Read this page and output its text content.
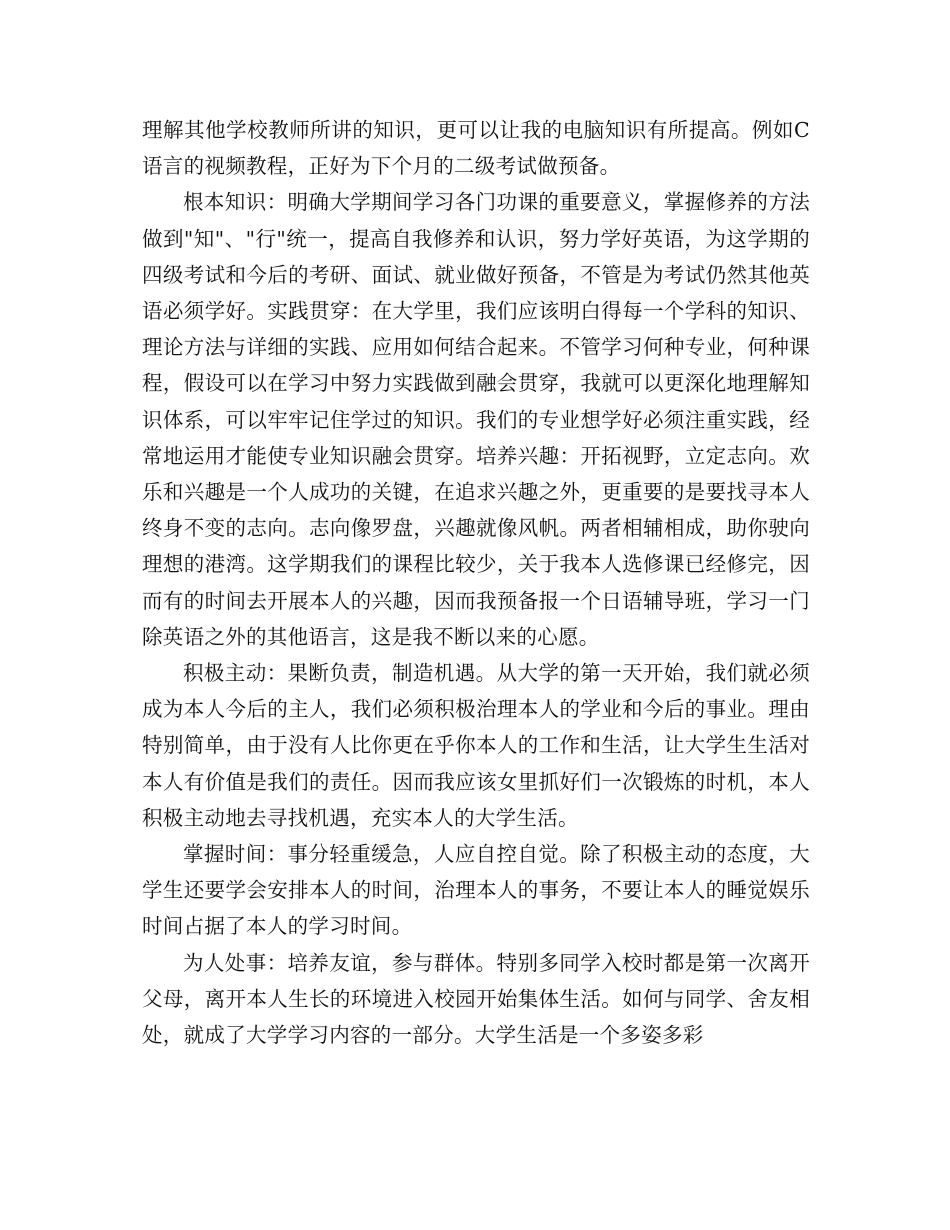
理解其他学校教师所讲的知识，更可以让我的电脑知识有所提高。例如C语言的视频教程，正好为下个月的二级考试做预备。

根本知识：明确大学期间学习各门功课的重要意义，掌握修养的方法做到"知"、"行"统一，提高自我修养和认识，努力学好英语，为这学期的四级考试和今后的考研、面试、就业做好预备，不管是为考试仍然其他英语必须学好。实践贯穿：在大学里，我们应该明白得每一个学科的知识、理论方法与详细的实践、应用如何结合起来。不管学习何种专业，何种课程，假设可以在学习中努力实践做到融会贯穿，我就可以更深化地理解知识体系，可以牢牢记住学过的知识。我们的专业想学好必须注重实践，经常地运用才能使专业知识融会贯穿。培养兴趣：开拓视野，立定志向。欢乐和兴趣是一个人成功的关键，在追求兴趣之外，更重要的是要找寻本人终身不变的志向。志向像罗盘，兴趣就像风帆。两者相辅相成，助你驶向理想的港湾。这学期我们的课程比较少，关于我本人选修课已经修完，因而有的时间去开展本人的兴趣，因而我预备报一个日语辅导班，学习一门除英语之外的其他语言，这是我不断以来的心愿。

积极主动：果断负责，制造机遇。从大学的第一天开始，我们就必须成为本人今后的主人，我们必须积极治理本人的学业和今后的事业。理由特别简单，由于没有人比你更在乎你本人的工作和生活，让大学生生活对本人有价值是我们的责任。因而我应该女里抓好们一次锻炼的时机，本人积极主动地去寻找机遇，充实本人的大学生活。

掌握时间：事分轻重缓急，人应自控自觉。除了积极主动的态度，大学生还要学会安排本人的时间，治理本人的事务，不要让本人的睡觉娱乐时间占据了本人的学习时间。

为人处事：培养友谊，参与群体。特别多同学入校时都是第一次离开父母，离开本人生长的环境进入校园开始集体生活。如何与同学、舍友相处，就成了大学学习内容的一部分。大学生活是一个多姿多彩
